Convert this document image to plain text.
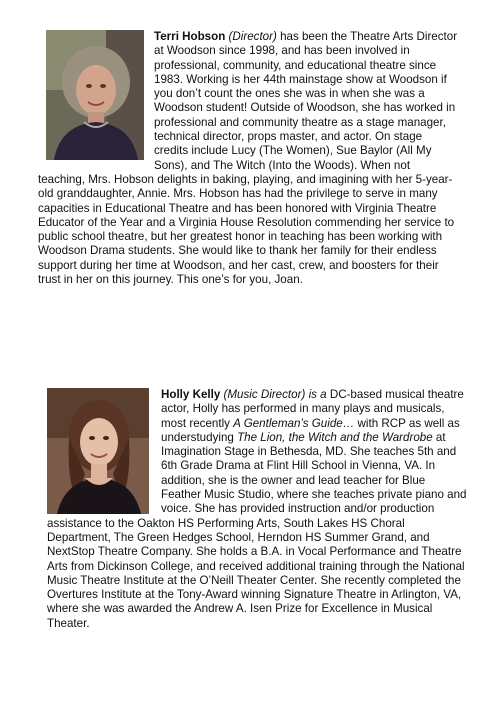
Terri Hobson (Director) has been the Theatre Arts Director at Woodson since 1998, and has been involved in professional, community, and educational theatre since 1983. Working is her 44th mainstage show at Woodson if you don’t count the ones she was in when she was a Woodson student! Outside of Woodson, she has worked in professional and community theatre as a stage manager, technical director, props master, and actor. On stage credits include Lucy (The Women), Sue Baylor (All My Sons), and The Witch (Into the Woods). When not teaching, Mrs. Hobson delights in baking, playing, and imagining with her 5-year-old granddaughter, Annie. Mrs. Hobson has had the privilege to serve in many capacities in Educational Theatre and has been honored with Virginia Theatre Educator of the Year and a Virginia House Resolution commending her service to public school theatre, but her greatest honor in teaching has been working with Woodson Drama students. She would like to thank her family for their endless support during her time at Woodson, and her cast, crew, and boosters for their trust in her on this journey. This one’s for you, Joan.

Holly Kelly (Music Director) is a DC-based musical theatre actor, Holly has performed in many plays and musicals, most recently A Gentleman’s Guide… with RCP as well as understudying The Lion, the Witch and the Wardrobe at Imagination Stage in Bethesda, MD. She teaches 5th and 6th Grade Drama at Flint Hill School in Vienna, VA. In addition, she is the owner and lead teacher for Blue Feather Music Studio, where she teaches private piano and voice. She has provided instruction and/or production assistance to the Oakton HS Performing Arts, South Lakes HS Choral Department, The Green Hedges School, Herndon HS Summer Grand, and NextStop Theatre Company. She holds a B.A. in Vocal Performance and Theatre Arts from Dickinson College, and received additional training through the National Music Theatre Institute at the O’Neill Theater Center. She recently completed the Overtures Institute at the Tony-Award winning Signature Theatre in Arlington, VA, where she was awarded the Andrew A. Isen Prize for Excellence in Musical Theater.
